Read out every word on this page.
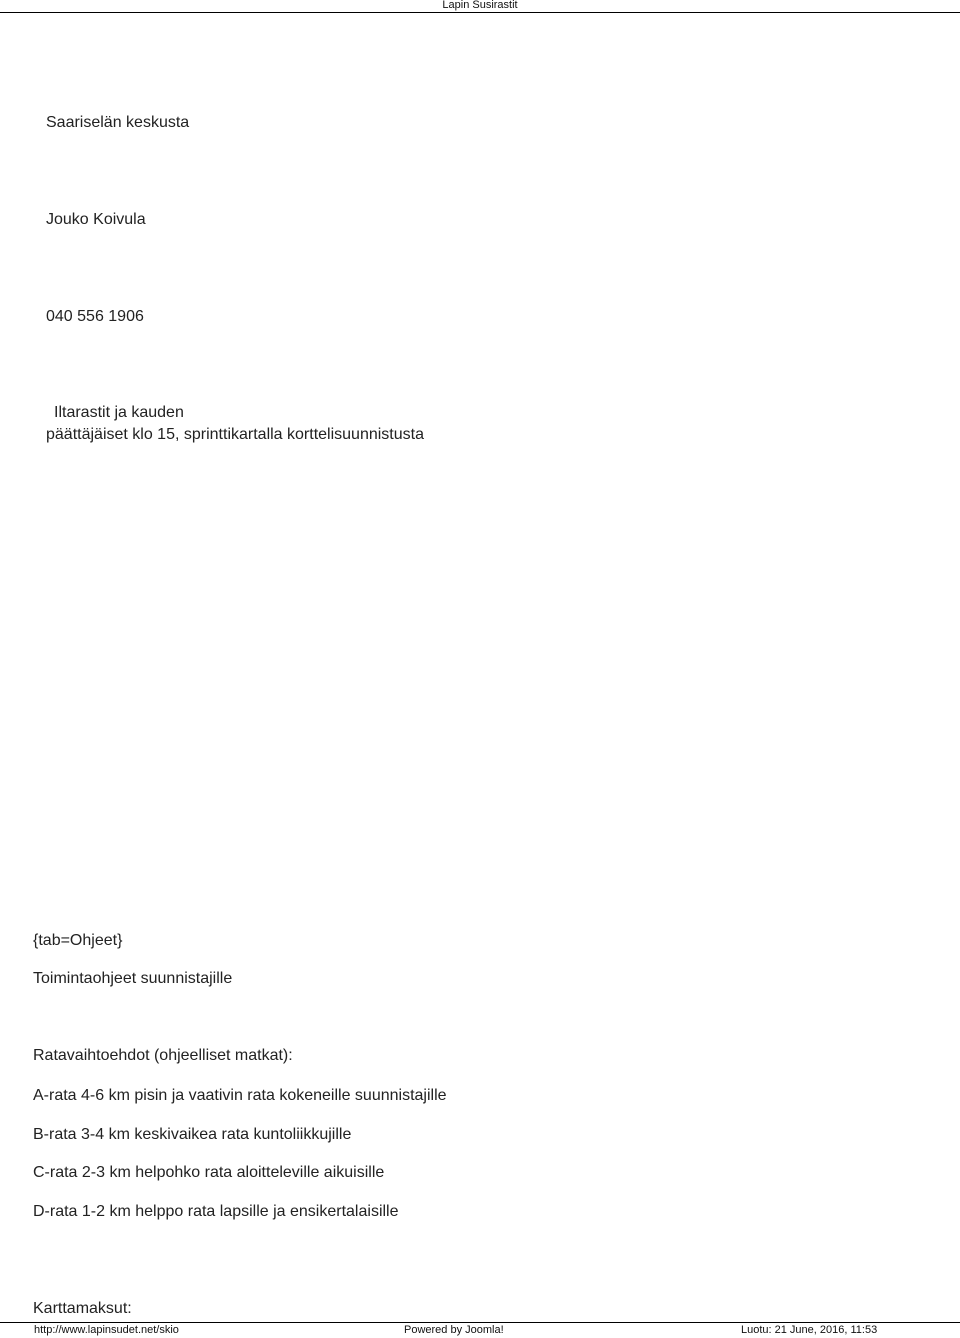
Lapin Susirastit
Saariselän keskusta
Jouko Koivula
040 556 1906
Iltarastit ja kauden
päättäjäiset klo 15, sprinttikartalla korttelisuunnistusta
{tab=Ohjeet}
Toimintaohjeet suunnistajille
Ratavaihtoehdot (ohjeelliset matkat):
A-rata 4-6 km pisin ja vaativin rata kokeneille suunnistajille
B-rata 3-4 km keskivaikea rata kuntoliikkujille
C-rata 2-3 km helpohko rata aloitteleville aikuisille
D-rata 1-2 km helppo rata lapsille ja ensikertalaisille
Karttamaksut:
http://www.lapinsudet.net/skio	Powered by Joomla!	Luotu: 21 June, 2016, 11:53
